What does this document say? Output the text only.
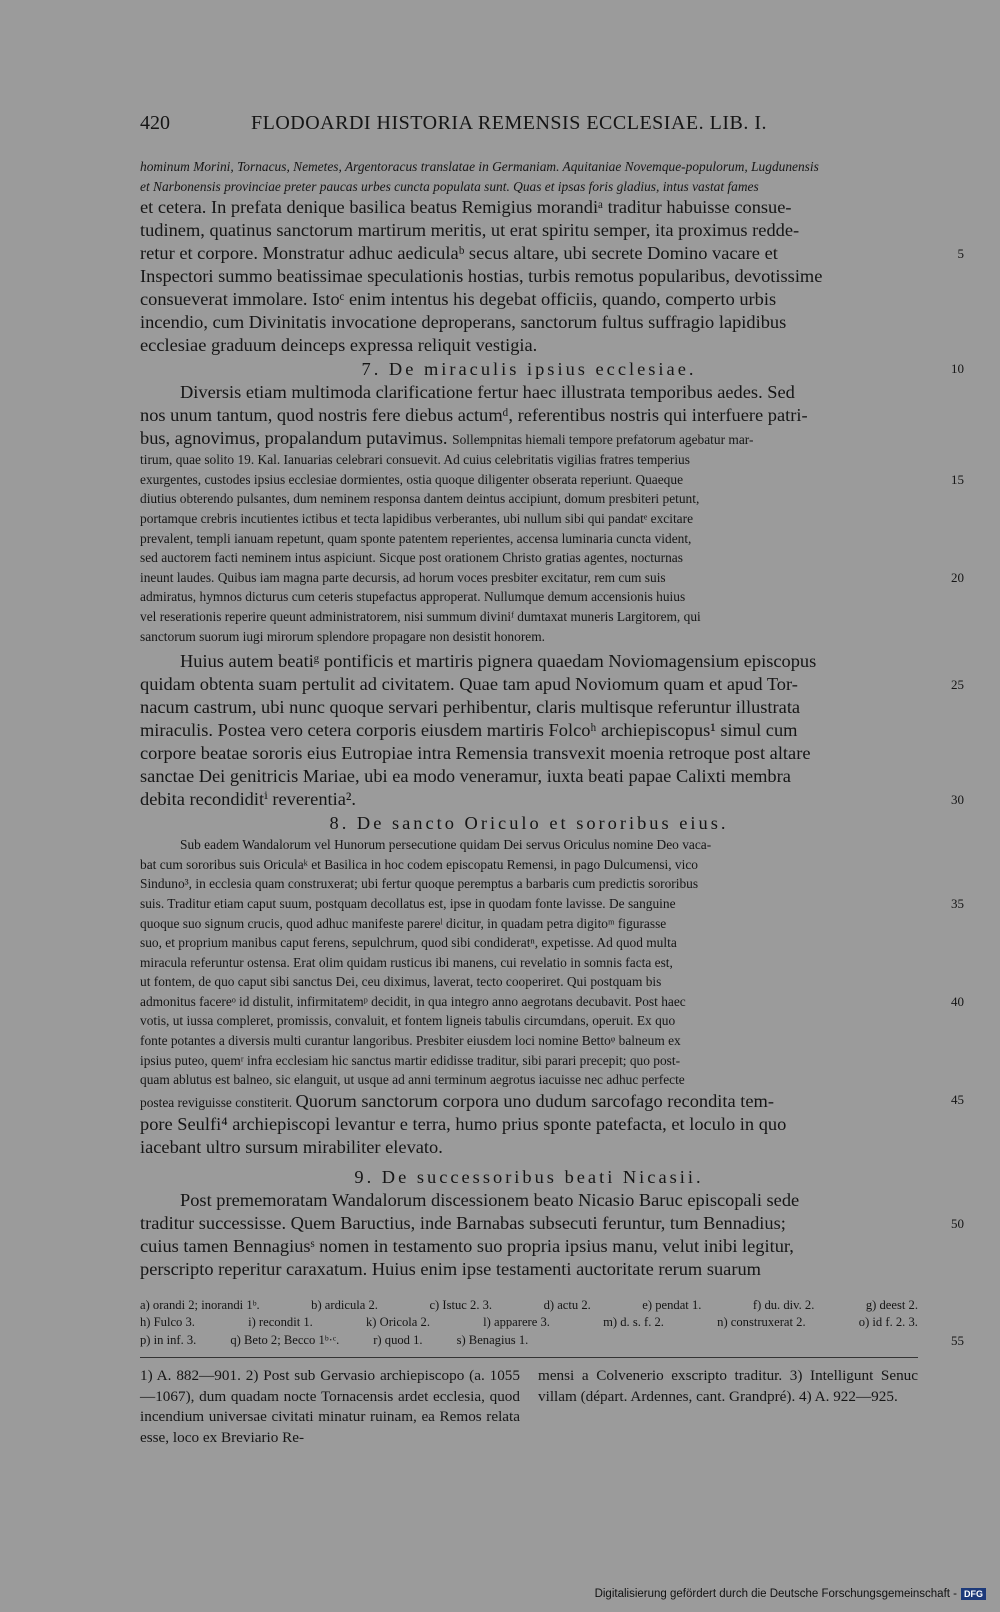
420	FLODOARDI HISTORIA REMENSIS ECCLESIAE. LIB. I.
hominum Morini, Tornacus, Nemetes, Argentoracus translatae in Germaniam. Aquitaniae Novemque-populorum, Lugdunensis
et Narbonensis provinciae preter paucas urbes cuncta populata sunt. Quas et ipsas foris gladius, intus vastat fames
et cetera. In prefata denique basilica beatus Remigius morandiᵃ traditur habuisse consue-
tudinem, quatinus sanctorum martirum meritis, ut erat spiritu semper, ita proximus redde-
retur et corpore. Monstratur adhuc aediculaᵇ secus altare, ubi secrete Domino vacare et	5
Inspectori summo beatissimae speculationis hostias, turbis remotus popularibus, devotissime
consueverat immolare. Istoᶜ enim intentus his degebat officiis, quando, comperto urbis
incendio, cum Divinitatis invocatione deproperans, sanctorum fultus suffragio lapidibus
ecclesiae graduum deinceps expressa reliquit vestigia.
7. De miraculis ipsius ecclesiae.	10
Diversis etiam multimoda clarificatione fertur haec illustrata temporibus aedes. Sed
nos unum tantum, quod nostris fere diebus actumᵈ, referentibus nostris qui interfuere patri-
bus, agnovimus, propalandum putavimus. Sollempnitas hiemali tempore prefatorum agebatur mar-
tirum, quae solito 19. Kal. Ianuarias celebrari consuevit. Ad cuius celebritatis vigilias fratres temperius
exurgentes, custodes ipsius ecclesiae dormientes, ostia quoque diligenter obserata reperiunt. Quaeque	15
diutius obterendo pulsantes, dum neminem responsa dantem deintus accipiunt, domum presbiteri petunt,
portamque crebris incutientes ictibus et tecta lapidibus verberantes, ubi nullum sibi qui pandatᵉ excitare
prevalent, templi ianuam repetunt, quam sponte patentem reperientes, accensa luminaria cuncta vident,
sed auctorem facti neminem intus aspiciunt. Sicque post orationem Christo gratias agentes, nocturnas
ineunt laudes. Quibus iam magna parte decursis, ad horum voces presbiter excitatur, rem cum suis	20
admiratus, hymnos dicturus cum ceteris stupefactus approperat. Nullumque demum accensionis huius
vel reserationis reperire queunt administratorem, nisi summum diviniᶠ dumtaxat muneris Largitorem, qui
sanctorum suorum iugi mirorum splendore propagare non desistit honorem.
Huius autem beatiᵍ pontificis et martiris pignera quaedam Noviomagensium episcopus
quidam obtenta suam pertulit ad civitatem. Quae tam apud Noviomum quam et apud Tor-	25
nacum castrum, ubi nunc quoque servari perhibentur, claris multisque referuntur illustrata
miraculis. Postea vero cetera corporis eiusdem martiris Folcoʰ archiepiscopus¹ simul cum
corpore beatae sororis eius Eutropiae intra Remensia transvexit moenia retroque post altare
sanctae Dei genitricis Mariae, ubi ea modo veneramur, iuxta beati papae Calixti membra
debita recondiditⁱ reverentia².	30
8. De sancto Oriculo et sororibus eius.
Sub eadem Wandalorum vel Hunorum persecutione quidam Dei servus Oriculus nomine Deo vaca-
bat cum sororibus suis Oriculaᵏ et Basilica in hoc codem episcopatu Remensi, in pago Dulcumensi, vico
Sinduno³, in ecclesia quam construxerat; ubi fertur quoque peremptus a barbaris cum predictis sororibus
suis. Traditur etiam caput suum, postquam decollatus est, ipse in quodam fonte lavisse. De sanguine	35
quoque suo signum crucis, quod adhuc manifeste parereˡ dicitur, in quadam petra digitoᵐ figurasse
suo, et proprium manibus caput ferens, sepulchrum, quod sibi condideratⁿ, expetisse. Ad quod multa
miracula referuntur ostensa. Erat olim quidam rusticus ibi manens, cui revelatio in somnis facta est,
ut fontem, de quo caput sibi sanctus Dei, ceu diximus, laverat, tecto cooperiret. Qui postquam bis
admonitus facereᵒ id distulit, infirmitatemᵖ decidit, in qua integro anno aegrotans decubavit. Post haec	40
votis, ut iussa compleret, promissis, convaluit, et fontem ligneis tabulis circumdans, operuit. Ex quo
fonte potantes a diversis multi curantur langoribus. Presbiter eiusdem loci nomine Bettoᵠ balneum ex
ipsius puteo, quemʳ infra ecclesiam hic sanctus martir edidisse traditur, sibi parari precepit; quo post-
quam ablutus est balneo, sic elanguit, ut usque ad anni terminum aegrotus iacuisse nec adhuc perfecte
postea reviguisse constiterit. Quorum sanctorum corpora uno dudum sarcofago recondita tem-	45
pore Seulfi⁴ archiepiscopi levantur e terra, humo prius sponte patefacta, et loculo in quo
iacebant ultro sursum mirabiliter elevato.
9. De successoribus beati Nicasii.
Post prememoratam Wandalorum discessionem beato Nicasio Baruc episcopali sede
traditur successisse. Quem Baructius, inde Barnabas subsecuti feruntur, tum Bennadius;	50
cuius tamen Bennagiusˢ nomen in testamento suo propria ipsius manu, velut inibi legitur,
perscripto reperitur caraxatum. Huius enim ipse testamenti auctoritate rerum suarum
a) orandi 2; inorandi 1ᵇ.	b) ardicula 2.	c) Istuc 2. 3.	d) actu 2.	e) pendat 1.	f) du. div. 2.	g) deest 2.
h) Fulco 3.	i) recondit 1.	k) Oricola 2.	l) apparere 3.	m) d. s. f. 2.	n) construxerat 2.	o) id f. 2. 3.
p) in inf. 3.	q) Beto 2; Becco 1ᵇ·ᶜ.	r) quod 1.	s) Benagius 1.	55
1) A. 882—901. 2) Post sub Gervasio archiepiscopo (a. 1055—1067), dum quadam nocte Tornacensis ardet ecclesia, quod incendium universae civitati minatur ruinam, ea Remos relata esse, loco ex Breviario Re-
mensi a Colvenerio exscripto traditur. 3) Intelligunt Senuc villam (départ. Ardennes, cant. Grandpré). 4) A. 922—925.
Digitalisierung gefördert durch die Deutsche Forschungsgemeinschaft - DFG
